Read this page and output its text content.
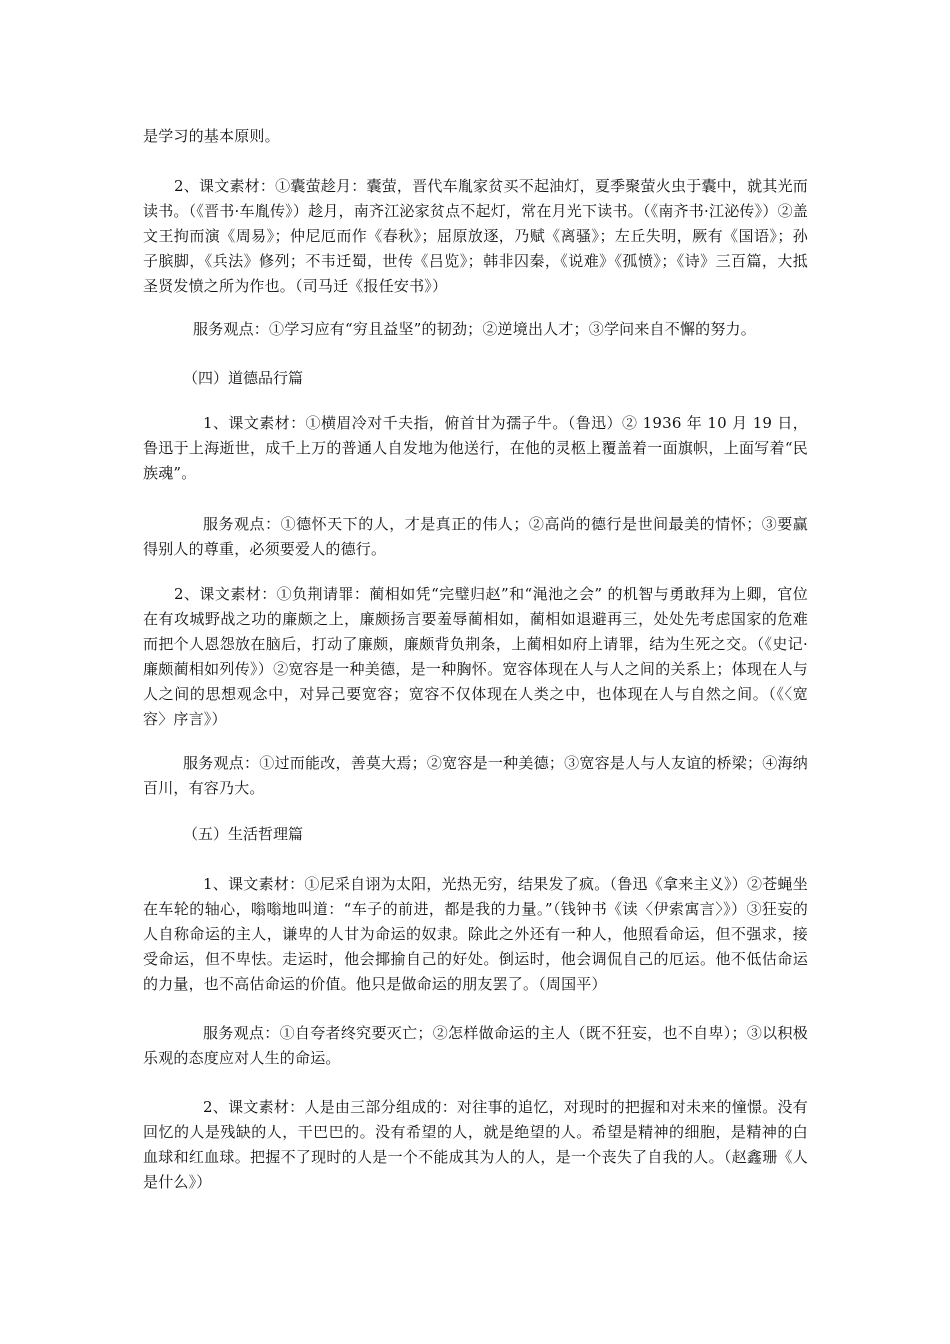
是学习的基本原则。

2、课文素材：①囊萤趁月：囊萤，晋代车胤家贫买不起油灯，夏季聚萤火虫于囊中，就其光而读书。（《晋书·车胤传》）趁月，南齐江泌家贫点不起灯，常在月光下读书。（《南齐书·江泌传》）②盖文王拘而演《周易》；仲尼厄而作《春秋》；屈原放逐，乃赋《离骚》；左丘失明，厥有《国语》；孙子膑脚，《兵法》修列；不韦迁蜀，世传《吕览》；韩非囚秦，《说难》《孤愤》；《诗》三百篇，大抵圣贤发愤之所为作也。（司马迁《报任安书》）

服务观点：①学习应有“穷且益坚”的韧劲；②逆境出人才；③学问来自不懈的努力。

（四）道德品行篇

1、课文素材：①横眉冷对千夫指，俯首甘为孺子牛。（鲁迅）② 1936 年 10 月 19 日，鲁迅于上海逝世，成千上万的普通人自发地为他送行，在他的灵柩上覆盖着一面旗帜，上面写着“民族魂”。

服务观点：①德怀天下的人，才是真正的伟人；②高尚的德行是世间最美的情怀；③要赢得别人的尊重，必须要爱人的德行。

2、课文素材：①负荆请罪：蔺相如凭“完璧归赵”和“渑池之会” 的机智与勇敢拜为上卿，官位在有攻城野战之功的廉颇之上，廉颇扬言要羞辱蔺相如，蔺相如退避再三，处处先考虑国家的危难而把个人恩怨放在脑后，打动了廉颇，廉颇背负荆条，上蔺相如府上请罪，结为生死之交。（《史记·廉颇蔺相如列传》）②宽容是一种美德，是一种胸怀。宽容体现在人与人之间的关系上；体现在人与人之间的思想观念中，对异己要宽容；宽容不仅体现在人类之中，也体现在人与自然之间。（《〈宽容〉序言》）

服务观点：①过而能改，善莫大焉；②宽容是一种美德；③宽容是人与人友谊的桥梁；④海纳百川，有容乃大。

（五）生活哲理篇

1、课文素材：①尼采自诩为太阳，光热无穷，结果发了疯。（鲁迅《拿来主义》）②苍蝇坐在车轮的轴心，嗡嗡地叫道：“车子的前进，都是我的力量。”（钱钟书《读〈伊索寓言〉》）③狂妄的人自称命运的主人，谦卑的人甘为命运的奴隶。除此之外还有一种人，他照看命运，但不强求，接受命运，但不卑怯。走运时，他会揶揄自己的好处。倒运时，他会调侃自己的厄运。他不低估命运的力量，也不高估命运的价值。他只是做命运的朋友罢了。（周国平）

服务观点：①自夸者终究要灭亡；②怎样做命运的主人（既不狂妄，也不自卑）；③以积极乐观的态度应对人生的命运。

2、课文素材：人是由三部分组成的：对往事的追忆，对现时的把握和对未来的憧憬。没有回忆的人是残缺的人，干巴巴的。没有希望的人，就是绝望的人。希望是精神的细胞，是精神的白血球和红血球。把握不了现时的人是一个不能成其为人的人，是一个丧失了自我的人。（赵鑫珊《人是什么》）
